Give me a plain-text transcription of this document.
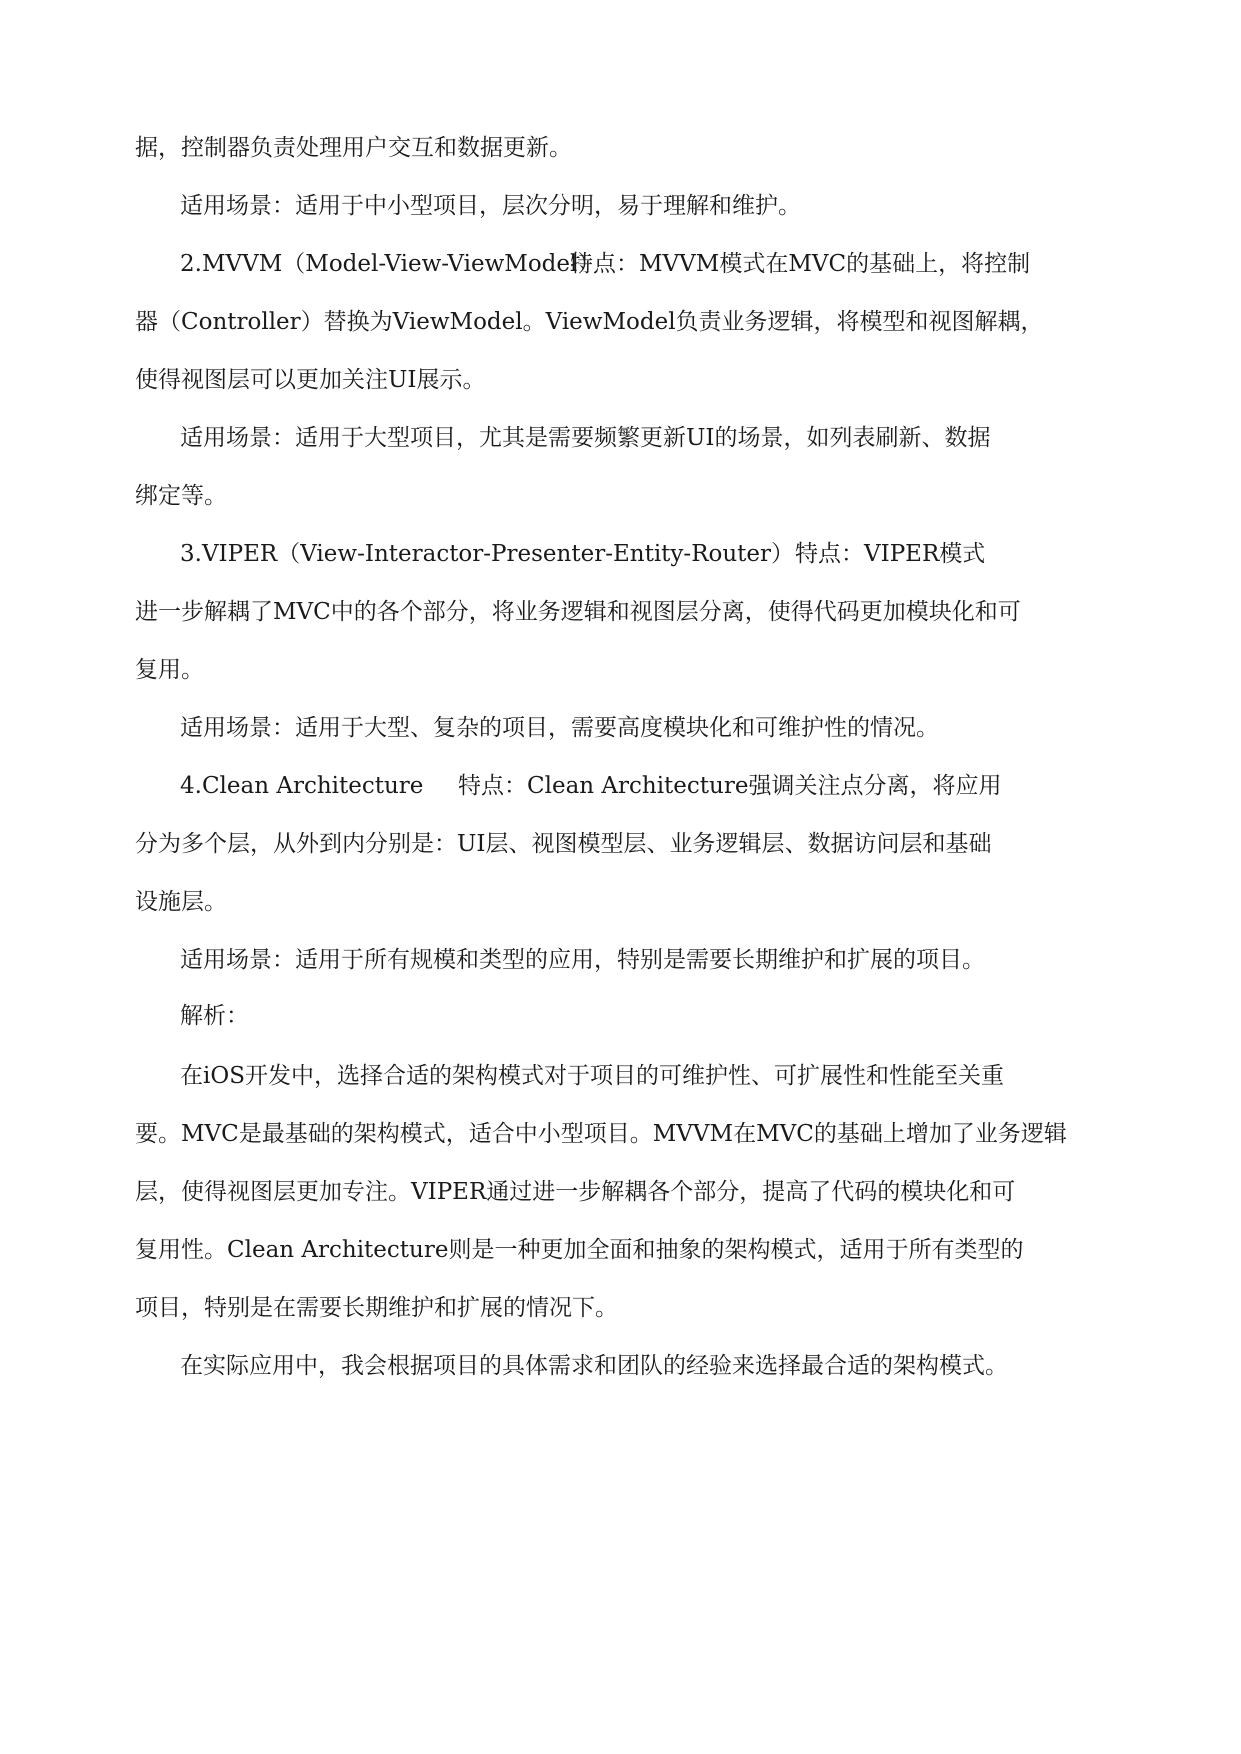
据，控制器负责处理用户交互和数据更新。
适用场景：适用于中小型项目，层次分明，易于理解和维护。
2.MVVM（Model-View-ViewModel）
特点：MVVM模式在MVC的基础上，将控制
器（Controller）替换为ViewModel。ViewModel负责业务逻辑，将模型和视图解耦，
使得视图层可以更加关注UI展示。
适用场景：适用于大型项目，尤其是需要频繁更新UI的场景，如列表刷新、数据
绑定等。
3.VIPER（View-Interactor-Presenter-Entity-Router） 特点：VIPER模式
进一步解耦了MVC中的各个部分，将业务逻辑和视图层分离，使得代码更加模块化和可
复用。
适用场景：适用于大型、复杂的项目，需要高度模块化和可维护性的情况。
4.Clean Architecture 特点：Clean Architecture强调关注点分离，将应用
分为多个层，从外到内分别是：UI层、视图模型层、业务逻辑层、数据访问层和基础
设施层。
适用场景：适用于所有规模和类型的应用，特别是需要长期维护和扩展的项目。
解析：
在iOS开发中，选择合适的架构模式对于项目的可维护性、可扩展性和性能至关重
要。MVC是最基础的架构模式，适合中小型项目。MVVM在MVC的基础上增加了业务逻辑
层，使得视图层更加专注。VIPER通过进一步解耦各个部分，提高了代码的模块化和可
复用性。Clean Architecture则是一种更加全面和抽象的架构模式，适用于所有类型的
项目，特别是在需要长期维护和扩展的情况下。
在实际应用中，我会根据项目的具体需求和团队的经验来选择最合适的架构模式。
